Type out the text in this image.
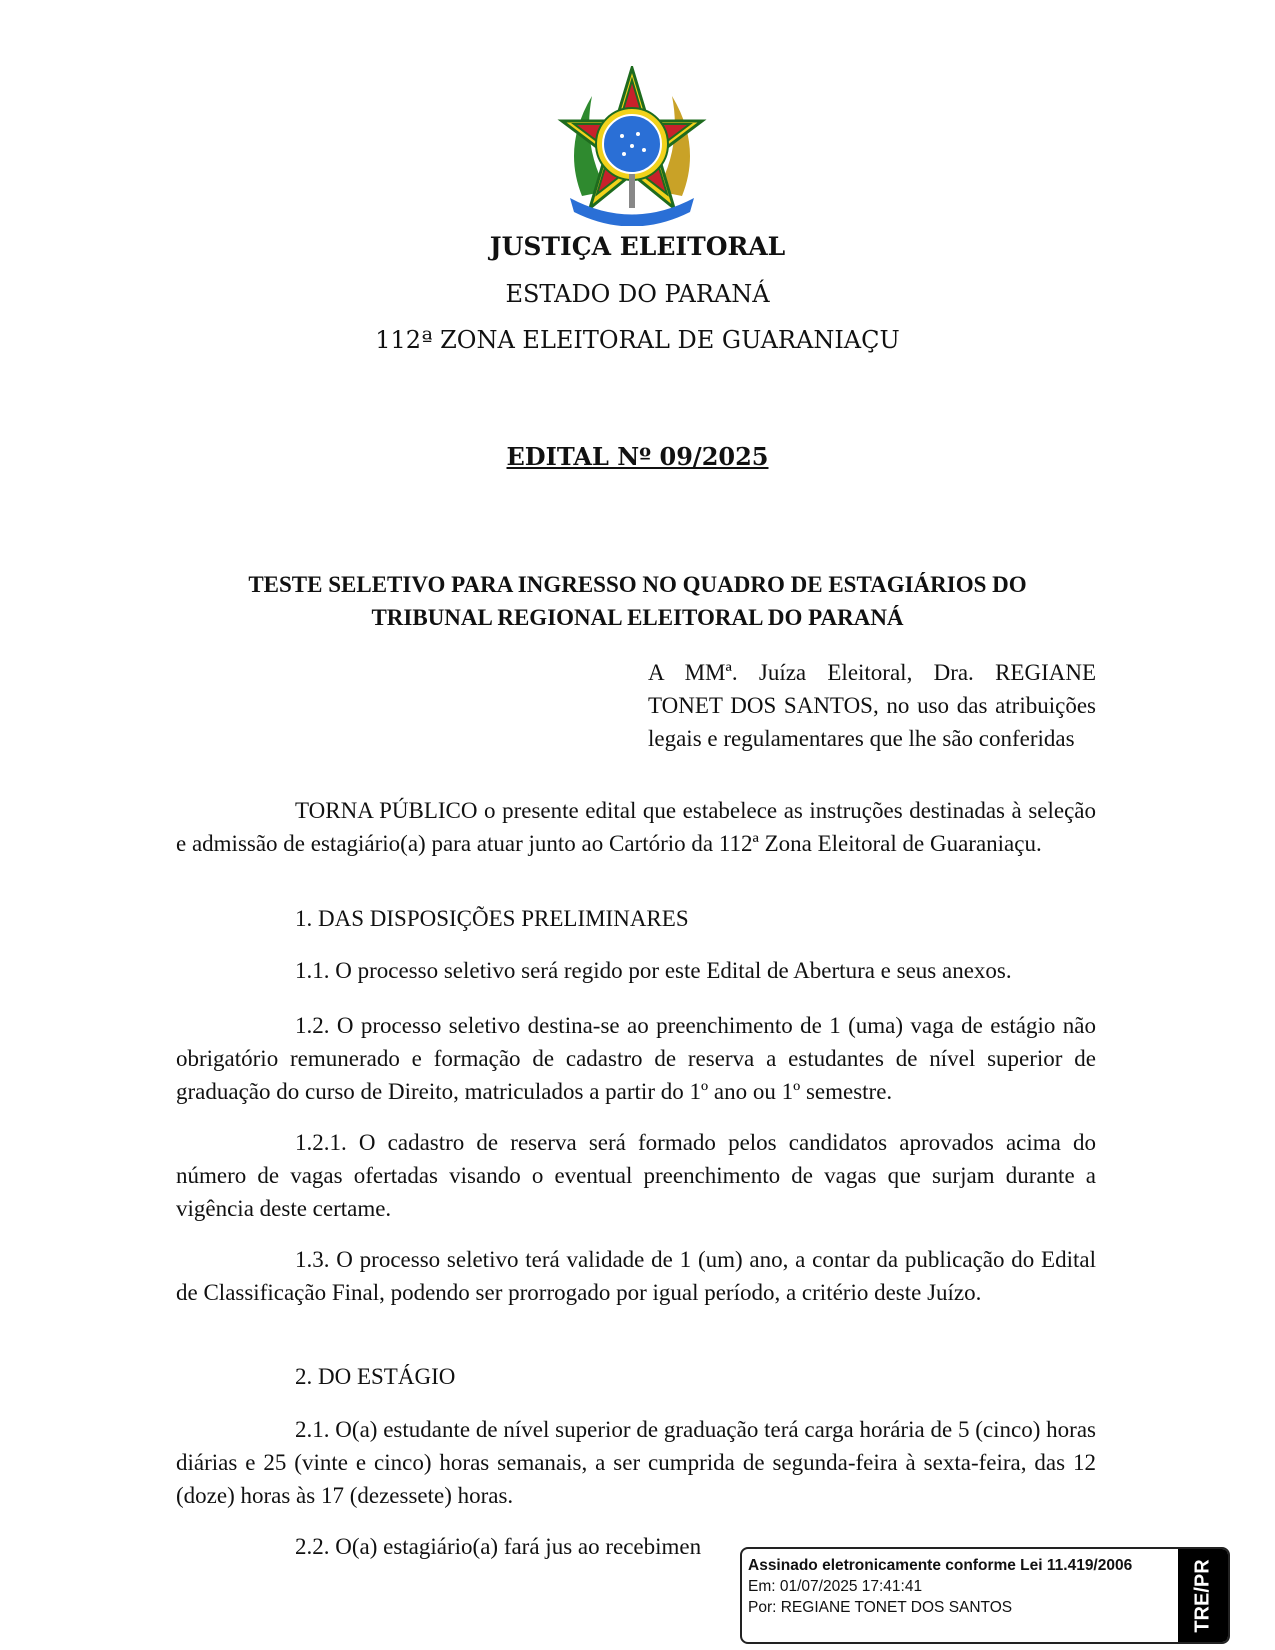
JUSTIÇA ELEITORAL
ESTADO DO PARANÁ
112ª ZONA ELEITORAL DE GUARANIAÇU
EDITAL Nº 09/2025
TESTE SELETIVO PARA INGRESSO NO QUADRO DE ESTAGIÁRIOS DO
TRIBUNAL REGIONAL ELEITORAL DO PARANÁ
A MMª. Juíza Eleitoral, Dra. REGIANE TONET DOS SANTOS, no uso das atribuições legais e regulamentares que lhe são conferidas

TORNA PÚBLICO o presente edital que estabelece as instruções destinadas à seleção e admissão de estagiário(a) para atuar junto ao Cartório da 112ª Zona Eleitoral de Guaraniaçu.

1. DAS DISPOSIÇÕES PRELIMINARES

1.1. O processo seletivo será regido por este Edital de Abertura e seus anexos.

1.2. O processo seletivo destina-se ao preenchimento de 1 (uma) vaga de estágio não obrigatório remunerado e formação de cadastro de reserva a estudantes de nível superior de graduação do curso de Direito, matriculados a partir do 1º ano ou 1º semestre.

1.2.1. O cadastro de reserva será formado pelos candidatos aprovados acima do número de vagas ofertadas visando o eventual preenchimento de vagas que surjam durante a vigência deste certame.

1.3. O processo seletivo terá validade de 1 (um) ano, a contar da publicação do Edital de Classificação Final, podendo ser prorrogado por igual período, a critério deste Juízo.

2. DO ESTÁGIO

2.1. O(a) estudante de nível superior de graduação terá carga horária de 5 (cinco) horas diárias e 25 (vinte e cinco) horas semanais, a ser cumprida de segunda-feira à sexta-feira, das 12 (doze) horas às 17 (dezessete) horas.

2.2. O(a) estagiário(a) fará jus ao recebimen

Assinado eletronicamente conforme Lei 11.419/2006
Em: 01/07/2025 17:41:41
Por: REGIANE TONET DOS SANTOS	TRE/PR
